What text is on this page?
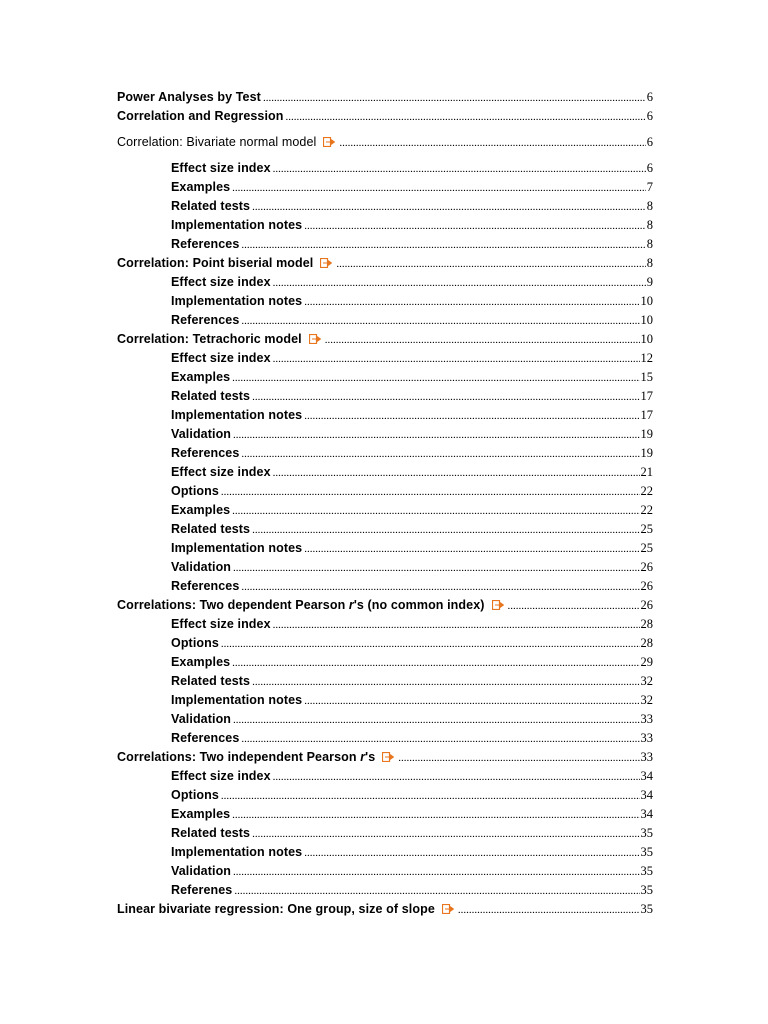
Power Analyses by Test .....	6
Correlation and Regression .....	6
Correlation: Bivariate normal model .....	6
Effect size index .....	6
Examples .....	7
Related tests .....	8
Implementation notes .....	8
References .....	8
Correlation: Point biserial model .....	8
Effect size index .....	9
Implementation notes .....	10
References .....	10
Correlation: Tetrachoric model .....	10
Effect size index .....	12
Examples .....	15
Related tests .....	17
Implementation notes .....	17
Validation .....	19
References .....	19
Effect size index .....	21
Options .....	22
Examples .....	22
Related tests .....	25
Implementation notes .....	25
Validation .....	26
References .....	26
Correlations: Two dependent Pearson r's (no common index) .....	26
Effect size index .....	28
Options .....	28
Examples .....	29
Related tests .....	32
Implementation notes .....	32
Validation .....	33
References .....	33
Correlations: Two independent Pearson r's .....	33
Effect size index .....	34
Options .....	34
Examples .....	34
Related tests .....	35
Implementation notes .....	35
Validation .....	35
Referenes .....	35
Linear bivariate regression: One group, size of slope .....	35
